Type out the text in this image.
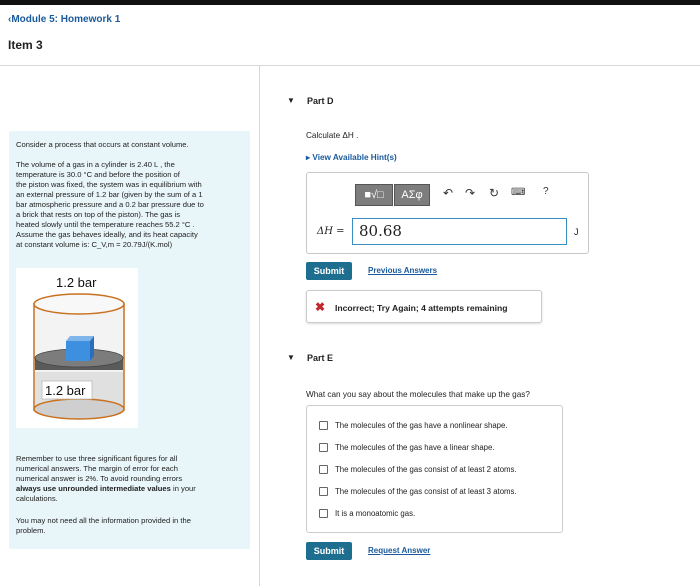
‹Module 5: Homework 1
Item 3
Consider a process that occurs at constant volume.
The volume of a gas in a cylinder is 2.40 L , the
temperature is 30.0 °C and before the position of
the piston was fixed, the system was in equilibrium with
an external pressure of 1.2 bar (given by the sum of a 1
bar atmospheric pressure and a 0.2 bar pressure due to
a brick that rests on top of the piston). The gas is
heated slowly until the temperature reaches 55.2 °C .
Assume the gas behaves ideally, and its heat capacity
at constant volume is: C_V,m = 20.79J/(K.mol)
1.2 bar
1.2 bar
Remember to use three significant figures for all
numerical answers. The margin of error for each
numerical answer is 2%. To avoid rounding errors
always use unrounded intermediate values in your
calculations.
You may not need all the information provided in the
problem.
▼ Part D
Calculate ΔH .
▸ View Available Hint(s)
■√□	ΑΣφ	↶ ↷ ↻ ⌨ ?
ΔH = 80.68	J
Submit	Previous Answers
✖ Incorrect; Try Again; 4 attempts remaining
▼ Part E
What can you say about the molecules that make up the gas?
The molecules of the gas have a nonlinear shape.
The molecules of the gas have a linear shape.
The molecules of the gas consist of at least 2 atoms.
The molecules of the gas consist of at least 3 atoms.
It is a monoatomic gas.
Submit	Request Answer
